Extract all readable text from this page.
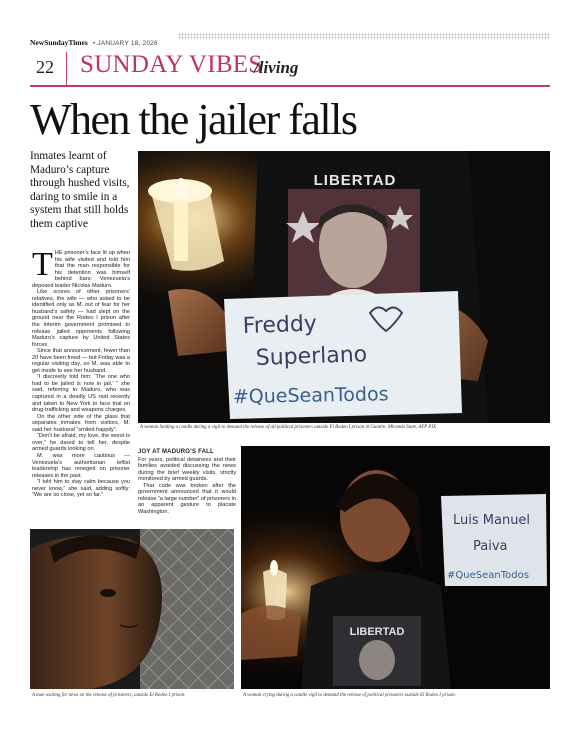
NewSundayTimes • JANUARY 18, 2026
22 SUNDAY VIBES
/living
When the jailer falls
Inmates learnt of Maduro’s capture through hushed visits, daring to smile in a system that still holds them captive

THE prisoner’s face lit up when his wife visited and told him that the man responsible for his detention was himself behind bars: Venezuela’s deposed leader Nicolas Maduro.

Like scores of other prisoners’ relatives, the wife — who asked to be identified only as M. out of fear for her husband’s safety — had slept on the ground near the Rodeo I prison after the interim government promised to release jailed opponents following Maduro’s capture by United States forces.

Since that announcement, fewer than 20 have been freed — but Friday was a regular visiting day, so M. was able to get inside to see her husband.

“I discreetly told him: ‘The one who had to be jailed is now in jail,’ ” she said, referring to Maduro, who was captured in a deadly US raid recently and taken to New York to face trial on drug-trafficking and weapons charges.

On the other side of the glass that separates inmates from visitors, M. said her husband “smiled happily”.

“Don’t be afraid, my love, the worst is over,” he dared to tell her, despite armed guards looking on.

M. was more cautious — Venezuela’s authoritarian leftist leadership has reneged on prisoner releases in the past.

“I told him to stay calm because you never know,” she said, adding softly: “We are so close, yet so far.”

LIBERTAD
Freddy
Superlano
#QueSeanTodos
A woman holding a candle during a vigil to demand the release of all political prisoners outside El Rodeo I prison in Guatire, Miranda State. AFP PIX

JOY AT MADURO’S FALL

For years, political detainees and their families avoided discussing the news during the brief weekly visits, strictly monitored by armed guards.

That code was broken after the government announced that it would release “a large number” of prisoners in an apparent gesture to placate Washington.

A man waiting for news on the release of prisoners, outside El Rodeo I prison.
LIBERTAD
Luis Manuel
Paiva
#QueSeanTodos
A woman crying during a candle vigil to demand the release of political prisoners outside El Rodeo I prison.
